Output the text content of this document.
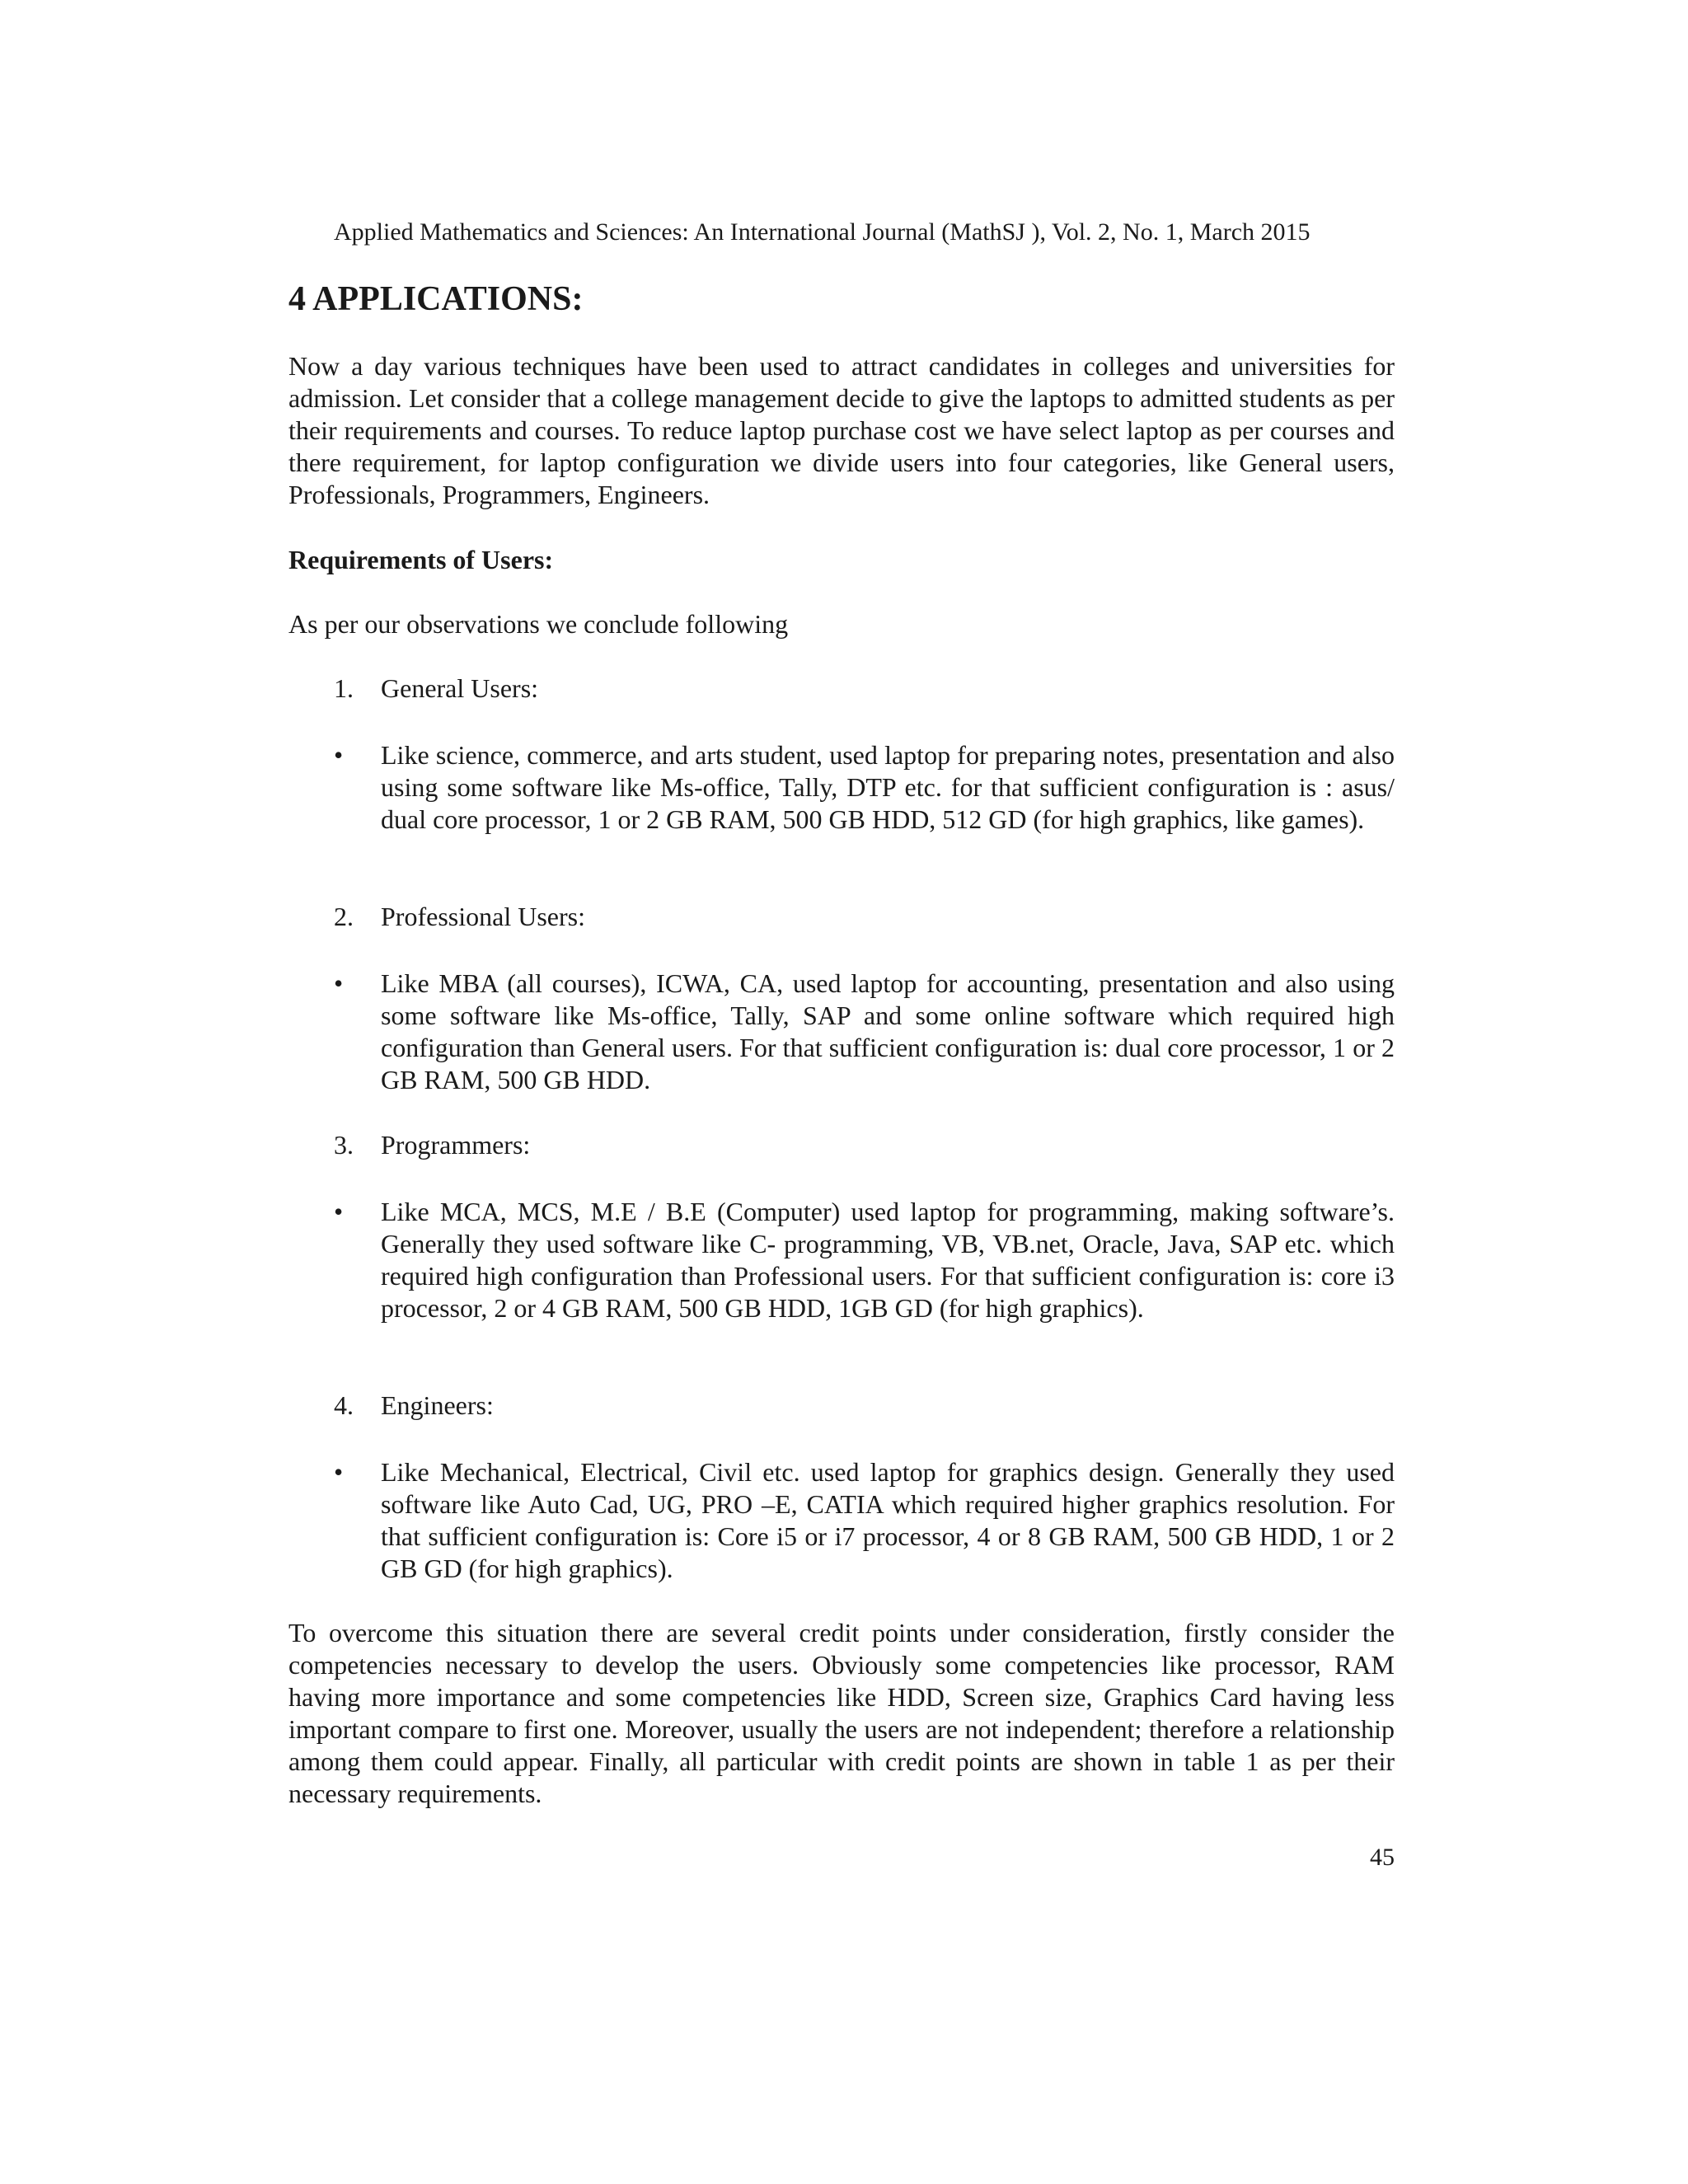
Applied Mathematics and Sciences: An International Journal (MathSJ ), Vol. 2, No. 1, March 2015
4 APPLICATIONS:

Now a day various techniques have been used to attract candidates in colleges and universities for admission. Let consider that a college management decide to give the laptops to admitted students as per their requirements and courses. To reduce laptop purchase cost we have select laptop as per courses and there requirement, for laptop configuration we divide users into four categories, like General users, Professionals, Programmers, Engineers.

Requirements of Users:

As per our observations we conclude following

1. General Users:
•	Like science, commerce, and arts student, used laptop for preparing notes, presentation and also using some software like Ms-office, Tally, DTP etc. for that sufficient configuration is : asus/ dual core processor, 1 or 2 GB RAM, 500 GB HDD, 512 GD (for high graphics, like games).
2. Professional Users:
•	Like MBA (all courses), ICWA, CA, used laptop for accounting, presentation and also using some software like Ms-office, Tally, SAP and some online software which required high configuration than General users. For that sufficient configuration is: dual core processor, 1 or 2 GB RAM, 500 GB HDD.
3. Programmers:
•	Like MCA, MCS, M.E / B.E (Computer) used laptop for programming, making software’s. Generally they used software like C- programming, VB, VB.net, Oracle, Java, SAP etc. which required high configuration than Professional users. For that sufficient configuration is: core i3 processor, 2 or 4 GB RAM, 500 GB HDD, 1GB GD (for high graphics).
4. Engineers:
•	Like Mechanical, Electrical, Civil etc. used laptop for graphics design. Generally they used software like Auto Cad, UG, PRO –E, CATIA which required higher graphics resolution. For that sufficient configuration is: Core i5 or i7 processor, 4 or 8 GB RAM, 500 GB HDD, 1 or 2 GB GD (for high graphics).

To overcome this situation there are several credit points under consideration, firstly consider the competencies necessary to develop the users. Obviously some competencies like processor, RAM having more importance and some competencies like HDD, Screen size, Graphics Card having less important compare to first one. Moreover, usually the users are not independent; therefore a relationship among them could appear. Finally, all particular with credit points are shown in table 1 as per their necessary requirements.

45
